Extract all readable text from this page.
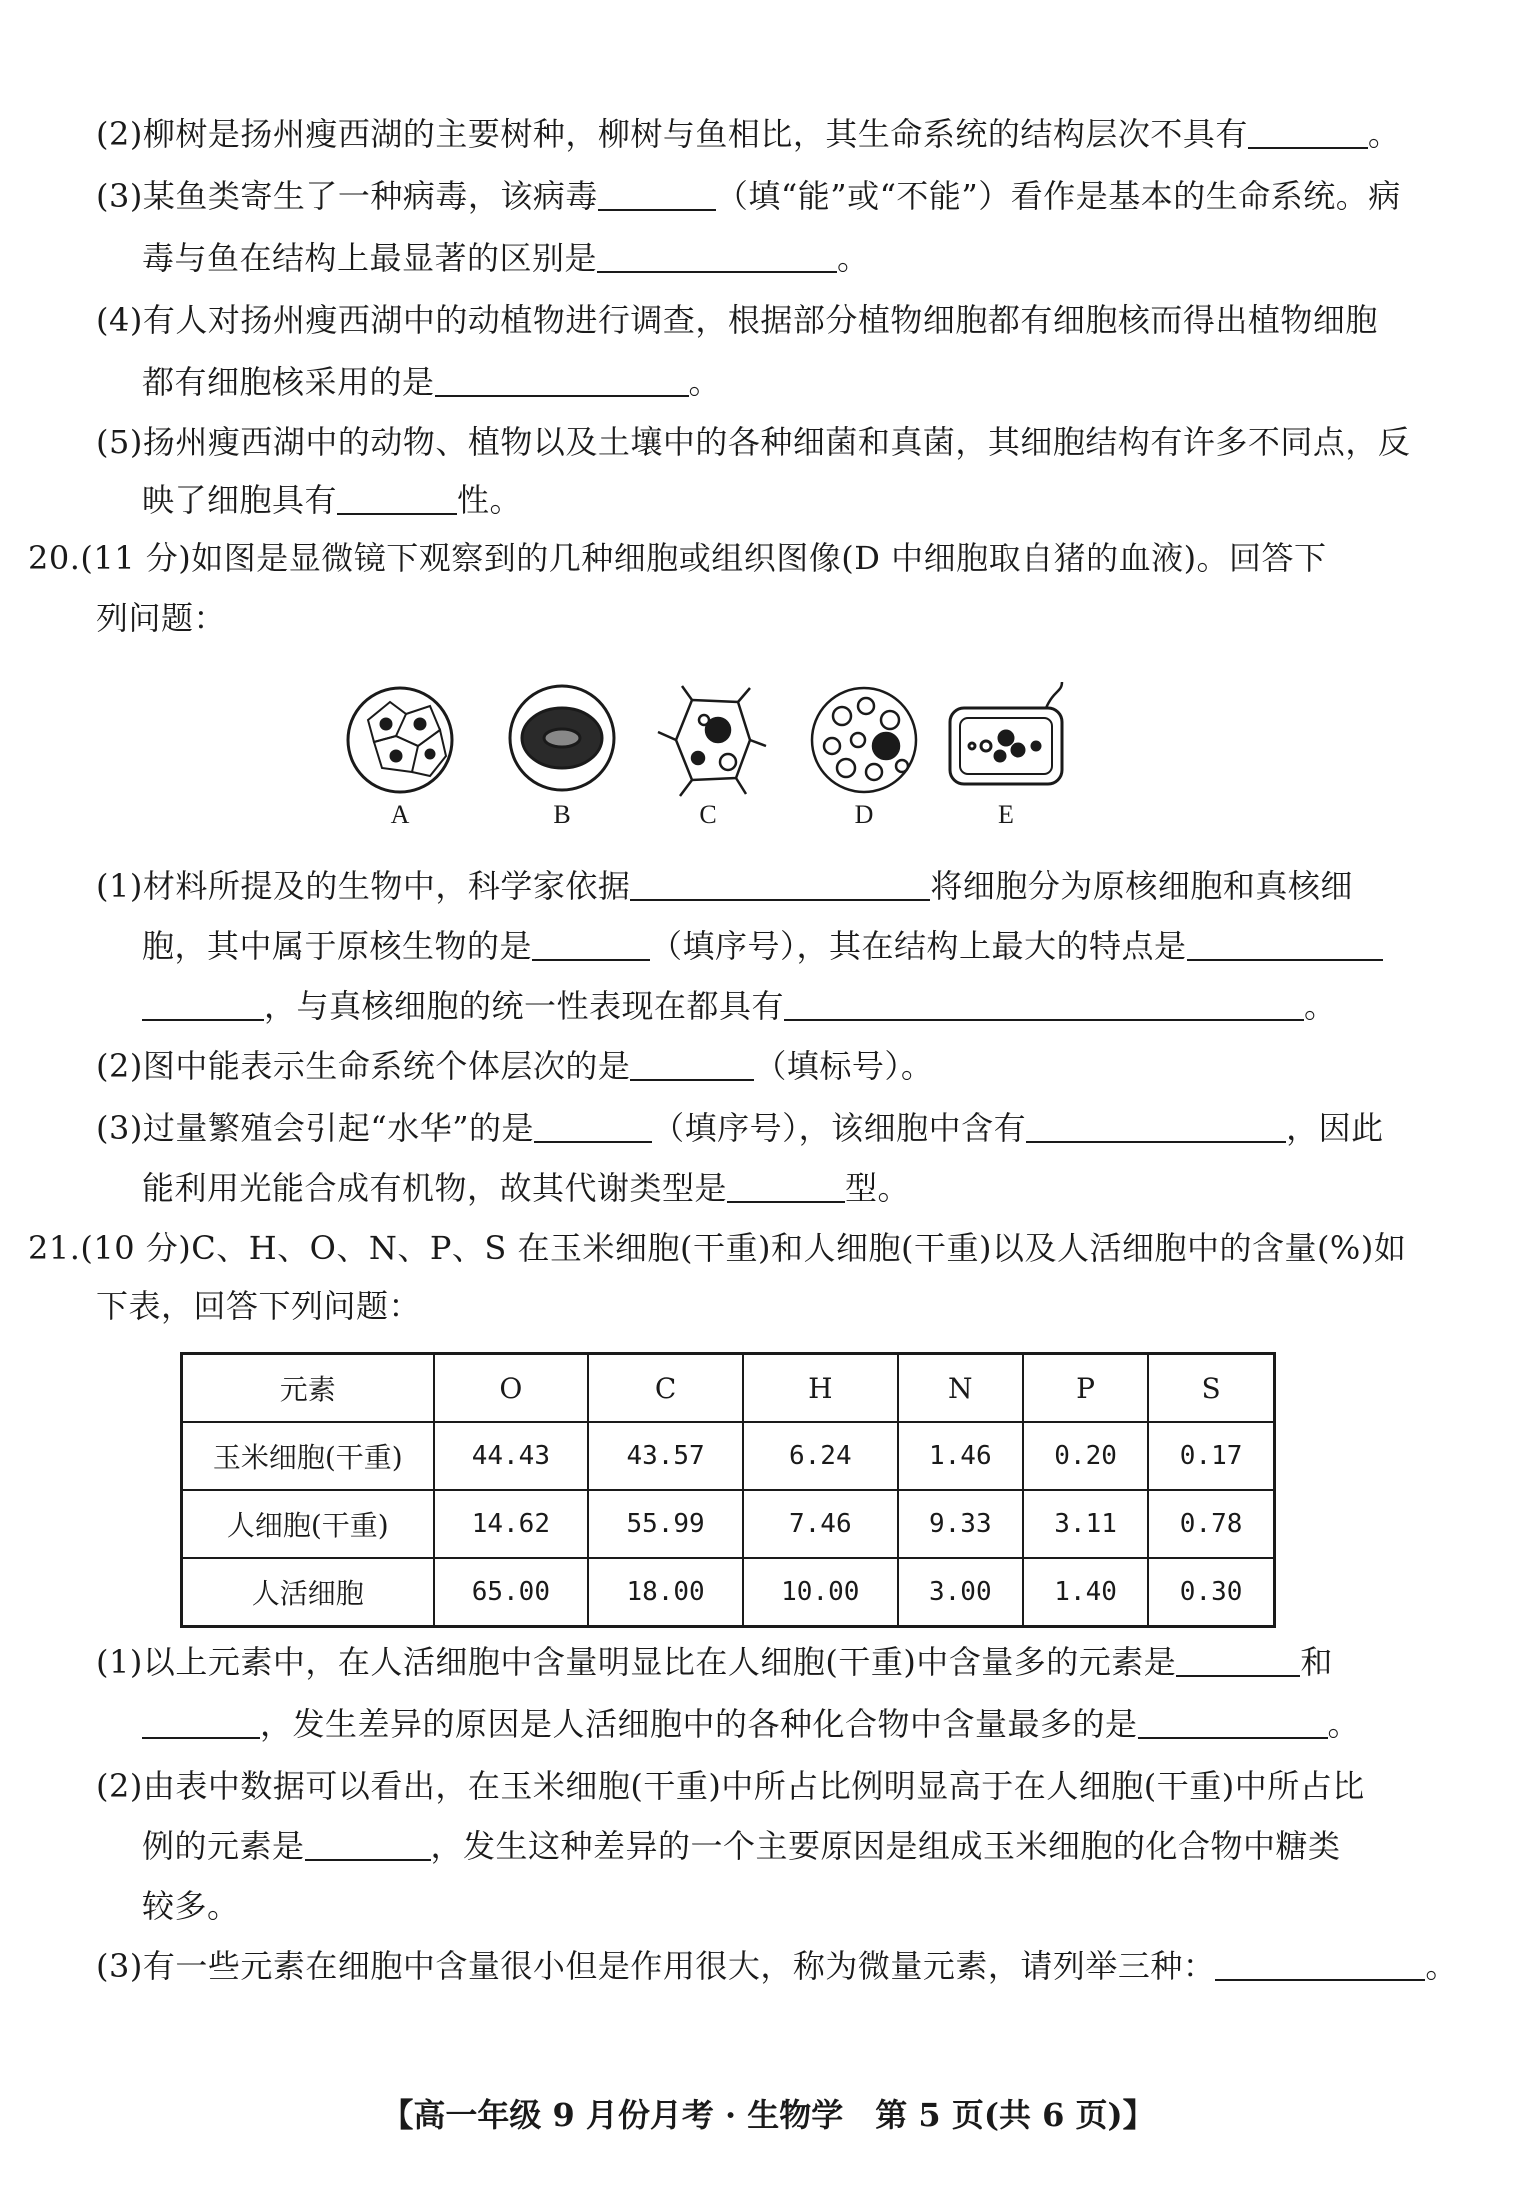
(2)柳树是扬州瘦西湖的主要树种，柳树与鱼相比，其生命系统的结构层次不具有	。
(3)某鱼类寄生了一种病毒，该病毒	（填“能”或“不能”）看作是基本的生命系统。病
毒与鱼在结构上最显著的区别是	。
(4)有人对扬州瘦西湖中的动植物进行调查，根据部分植物细胞都有细胞核而得出植物细胞
都有细胞核采用的是	。
(5)扬州瘦西湖中的动物、植物以及土壤中的各种细菌和真菌，其细胞结构有许多不同点，反
映了细胞具有	性。
20.(11 分)如图是显微镜下观察到的几种细胞或组织图像(D 中细胞取自猪的血液)。回答下
列问题：
A	B	C	D	E
(1)材料所提及的生物中，科学家依据	将细胞分为原核细胞和真核细
胞，其中属于原核生物的是	（填序号），其在结构上最大的特点是
，与真核细胞的统一性表现在都具有	。
(2)图中能表示生命系统个体层次的是	（填标号）。
(3)过量繁殖会引起“水华”的是	（填序号），该细胞中含有	，因此
能利用光能合成有机物，故其代谢类型是	型。
21.(10 分)C、H、O、N、P、S 在玉米细胞(干重)和人细胞(干重)以及人活细胞中的含量(%)如
下表，回答下列问题：
元素	O	C	H	N	P	S
玉米细胞(干重)	44.43	43.57	6.24	1.46	0.20	0.17
人细胞(干重)	14.62	55.99	7.46	9.33	3.11	0.78
人活细胞	65.00	18.00	10.00	3.00	1.40	0.30
(1)以上元素中，在人活细胞中含量明显比在人细胞(干重)中含量多的元素是	和
，发生差异的原因是人活细胞中的各种化合物中含量最多的是	。
(2)由表中数据可以看出，在玉米细胞(干重)中所占比例明显高于在人细胞(干重)中所占比
例的元素是	，发生这种差异的一个主要原因是组成玉米细胞的化合物中糖类
较多。
(3)有一些元素在细胞中含量很小但是作用很大，称为微量元素，请列举三种：	。
【高一年级 9 月份月考 · 生物学　第 5 页(共 6 页)】
